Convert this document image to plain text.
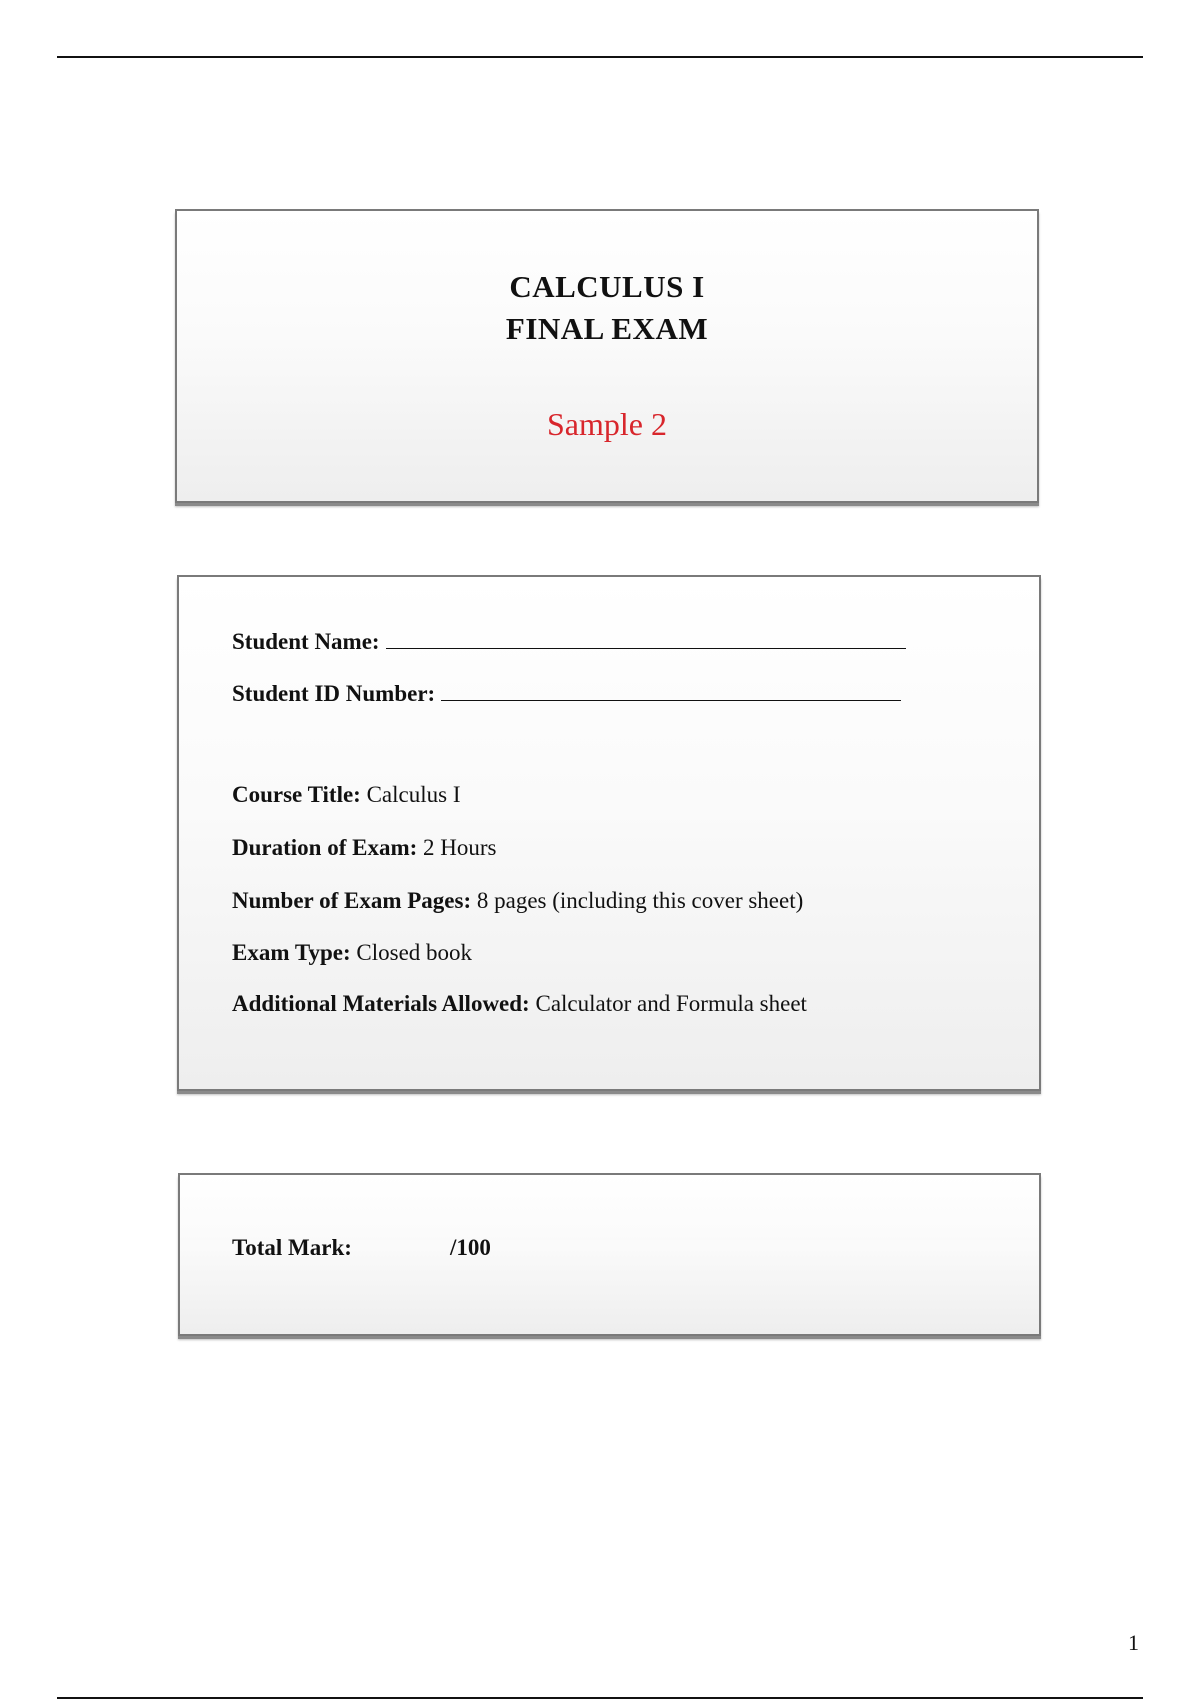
CALCULUS I
FINAL EXAM
Sample 2
Student Name:
Student ID Number:
Course Title: Calculus I
Duration of Exam: 2 Hours
Number of Exam Pages: 8 pages (including this cover sheet)
Exam Type: Closed book
Additional Materials Allowed: Calculator and Formula sheet
Total Mark:	/100
1
